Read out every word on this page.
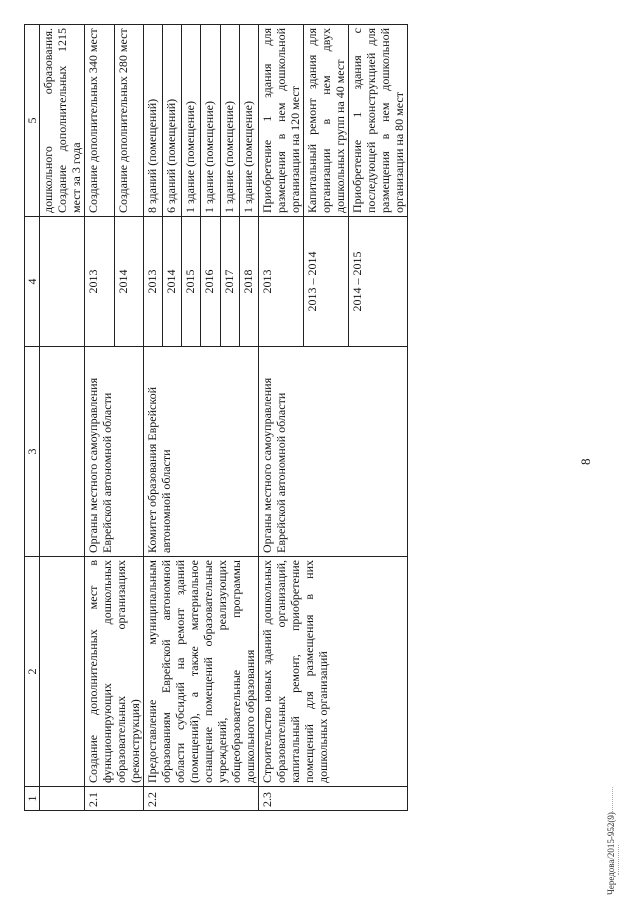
8
1	2	3	4	5
				дошкольного образования. Создание дополнительных 1215 мест за 3 года
2.1	Создание дополнительных мест в функционирующих дошкольных образовательных организациях (реконструкция)	Органы местного самоуправления Еврейской автономной области	2013	Создание дополнительных 340 мест
			2014	Создание дополнительных 280 мест
2.2	Предоставление муниципальным образованиям Еврейской автономной области субсидий на ремонт зданий (помещений), а также материальное оснащение помещений образовательные учреждений, реализующих общеобразовательные программы дошкольного образования	Комитет образования Еврейской автономной области	2013	8 зданий (помещений)
			2014	6 зданий (помещений)
			2015	1 здание (помещение)
			2016	1 здание (помещение)
			2017	1 здание (помещение)
			2018	1 здание (помещение)
2.3	Строительство новых зданий дошкольных образовательных организаций, капитальный ремонт, приобретение помещений для размещения в них дошкольных организаций	Органы местного самоуправления Еврейской автономной области	2013	Приобретение 1 здания для размещения в нем дошкольной организации на 120 мест
			2013 – 2014	Капитальный ремонт здания для организации в нем двух дошкольных групп на 40 мест
			2014 – 2015	Приобретение 1 здания с последующей реконструкцией для размещения в нем дошкольной организации на 80 мест
Чередова/2015-952(9)
